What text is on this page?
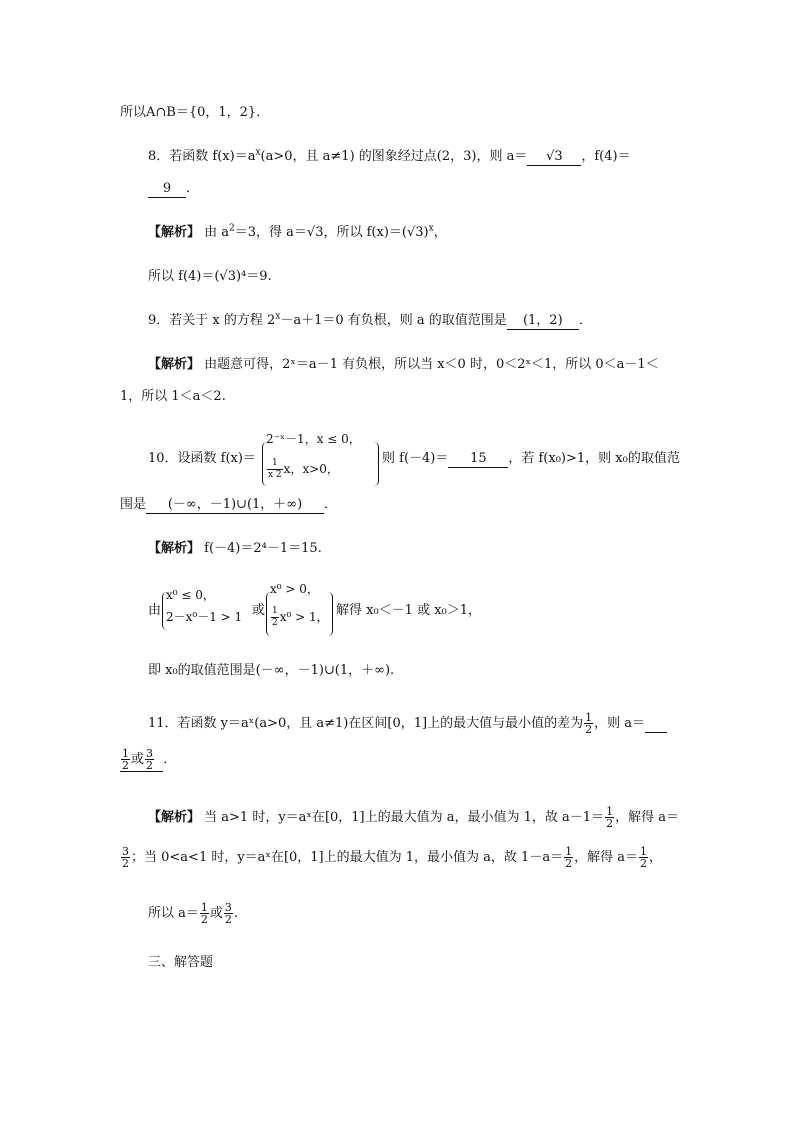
所以A∩B＝{0，1，2}．
8．若函数 $f(x)=a^x(a>0$，且 a≠1) 的图象经过点(2，3)，则 a＝ √3 ，f(4)＝
9 ．
【解析】 由 $a^2=3$，得 a＝√3，所以 $f(x)=(√3)^x$，
所以 f(4)＝(√3)⁴＝9.
9．若关于 x 的方程 $2^x-a+1=0$ 有负根，则 a 的取值范围是 (1，2) ．
【解析】 由题意可得，2ˣ＝a－1 有负根，所以当 x＜0 时，0＜2ˣ＜1，所以 0＜a－1＜
1，所以 1＜a＜2.
10．设函数 f(x)＝
2⁻ˣ－1，x ≤ 0，
$\frac{1}{x 2}$ x，x>0，
则 f(－4)＝ 15 ，若 f(x₀)>1，则 x₀的取值范
围是 (－∞，－1)∪(1，＋∞) ．
【解析】 f(－4)＝2⁴－1＝15.
由
x⁰ ≤ 0，
2－x⁰－1 > 1 或
x⁰ > 0，
$\frac{1}{2} x^0 > 1$， 解得 x₀＜－1 或 x₀＞1，
即 x₀的取值范围是(－∞，－1)∪(1，＋∞).
11．若函数 y＝aˣ(a>0，且 a≠1)在区间[0，1]上的最大值与最小值的差为 $\frac{1}{2}$ ，则 a＝
$\frac{1}{2}$ 或 $\frac{3}{2}$ ．
【解析】 当 a>1 时，y＝aˣ在[0，1]上的最大值为 a，最小值为 1，故 $a-1= \frac{1}{2}$ ，解得 a＝
$\frac{3}{2}$ ；当 0<a<1 时，y＝aˣ在[0，1]上的最大值为 1，最小值为 a，故 $1-a= \frac{1}{2}$ ，解得 $a= \frac{1}{2}$ ，
所以 $a= \frac{1}{2}$ 或 $\frac{3}{2}$ .
三、解答题
